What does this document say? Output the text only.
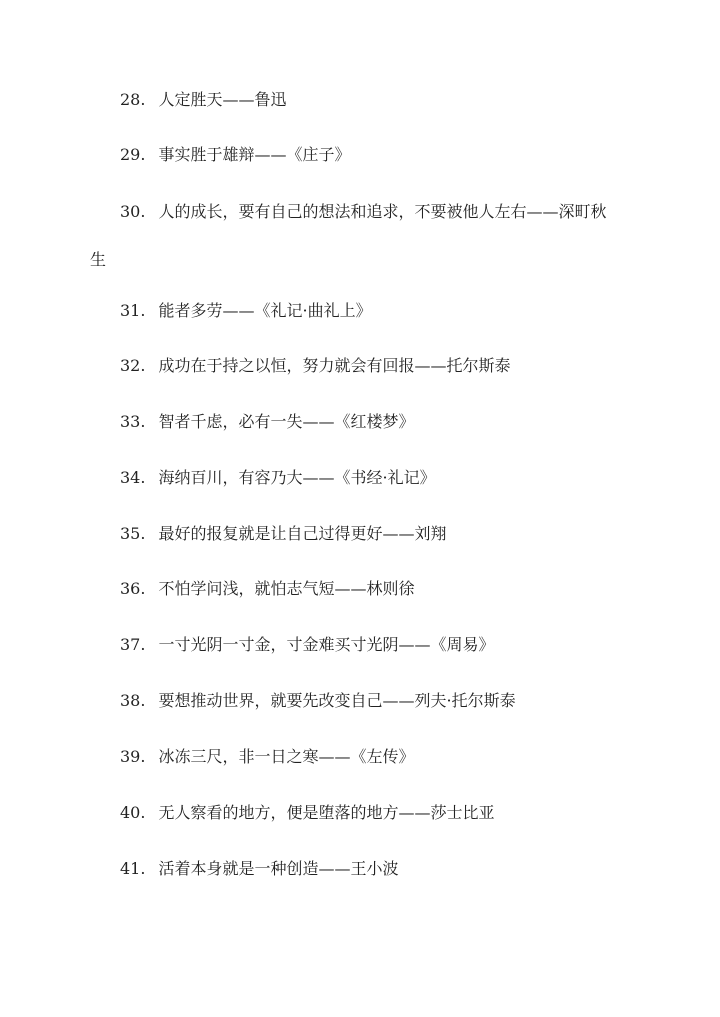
28. 人定胜天——鲁迅
29. 事实胜于雄辩——《庄子》
30. 人的成长，要有自己的想法和追求，不要被他人左右——深町秋生
31. 能者多劳——《礼记·曲礼上》
32. 成功在于持之以恒，努力就会有回报——托尔斯泰
33. 智者千虑，必有一失——《红楼梦》
34. 海纳百川，有容乃大——《书经·礼记》
35. 最好的报复就是让自己过得更好——刘翔
36. 不怕学问浅，就怕志气短——林则徐
37. 一寸光阴一寸金，寸金难买寸光阴——《周易》
38. 要想推动世界，就要先改变自己——列夫·托尔斯泰
39. 冰冻三尺，非一日之寒——《左传》
40. 无人察看的地方，便是堕落的地方——莎士比亚
41. 活着本身就是一种创造——王小波
